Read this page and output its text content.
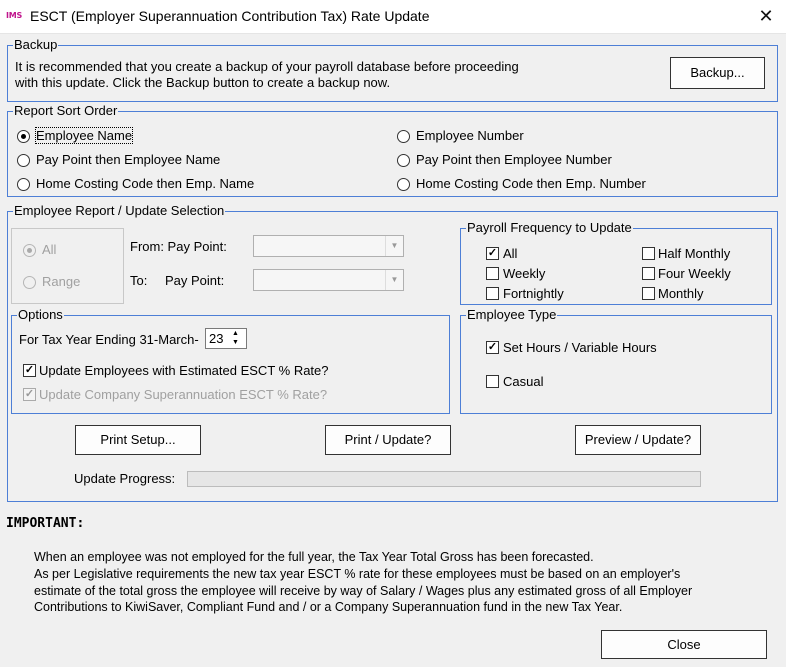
IMS ESCT (Employer Superannuation Contribution Tax) Rate Update	✕
Backup
It is recommended that you create a backup of your payroll database before proceeding
with this update. Click the Backup button to create a backup now.
Backup...
Report Sort Order
Employee Name
Pay Point then Employee Name
Home Costing Code then Emp. Name
Employee Number
Pay Point then Employee Number
Home Costing Code then Emp. Number
Employee Report / Update Selection
All
Range
From: Pay Point:	▼
To: Pay Point:	▼
Payroll Frequency to Update
✓ All
Weekly
Fortnightly
Half Monthly
Four Weekly
Monthly
Options
For Tax Year Ending 31-March- 23 ▲
▼
✓ Update Employees with Estimated ESCT % Rate?
✓ Update Company Superannuation ESCT % Rate?
Employee Type
✓ Set Hours / Variable Hours
Casual
Print Setup...	Print / Update?	Preview / Update?
Update Progress:
IMPORTANT:
When an employee was not employed for the full year, the Tax Year Total Gross has been forecasted.
As per Legislative requirements the new tax year ESCT % rate for these employees must be based on an employer's
estimate of the total gross the employee will receive by way of Salary / Wages plus any estimated gross of all Employer
Contributions to KiwiSaver, Compliant Fund and / or a Company Superannuation fund in the new Tax Year.
Close
